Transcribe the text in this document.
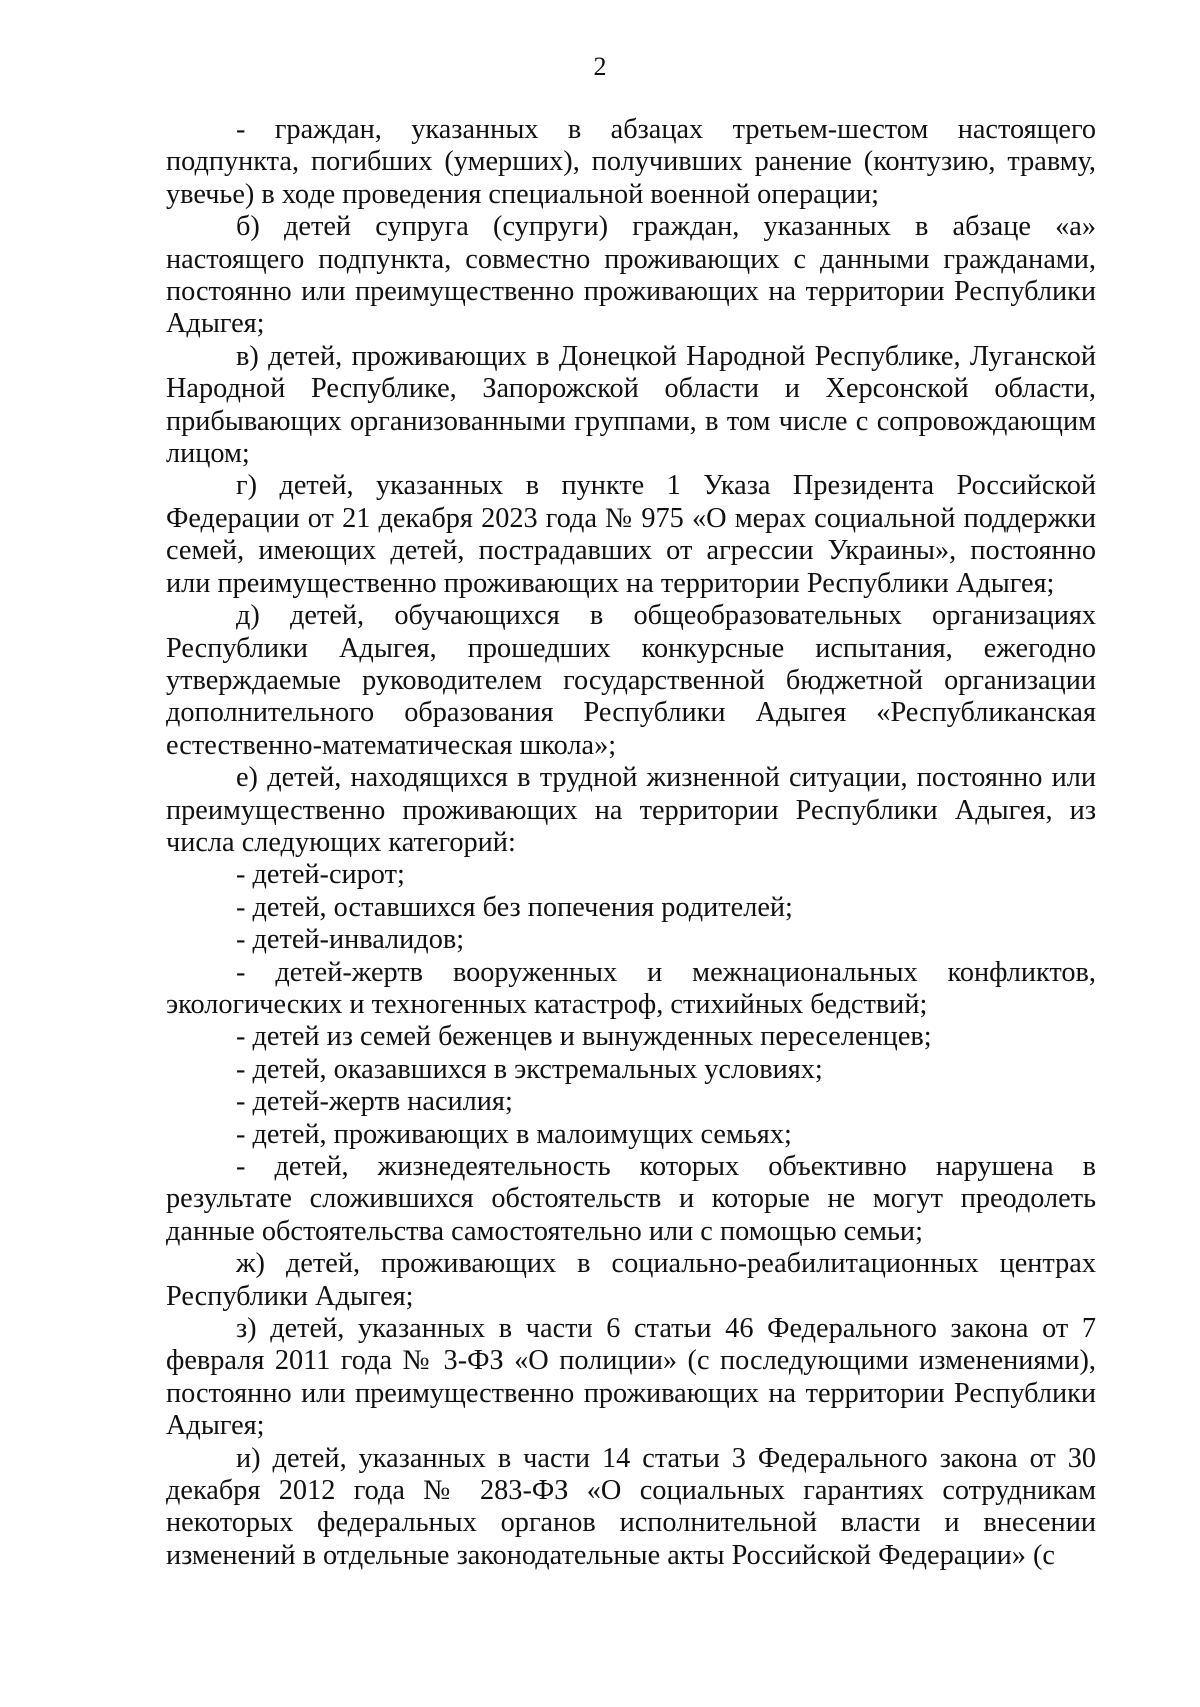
2

- граждан, указанных в абзацах третьем-шестом настоящего подпункта, погибших (умерших), получивших ранение (контузию, травму, увечье) в ходе проведения специальной военной операции;

б) детей супруга (супруги) граждан, указанных в абзаце «а» настоящего подпункта, совместно проживающих с данными гражданами, постоянно или преимущественно проживающих на территории Республики Адыгея;

в) детей, проживающих в Донецкой Народной Республике, Луганской Народной Республике, Запорожской области и Херсонской области, прибывающих организованными группами, в том числе с сопровождающим лицом;

г) детей, указанных в пункте 1 Указа Президента Российской Федерации от 21 декабря 2023 года № 975 «О мерах социальной поддержки семей, имеющих детей, пострадавших от агрессии Украины», постоянно или преимущественно проживающих на территории Республики Адыгея;

д) детей, обучающихся в общеобразовательных организациях Республики Адыгея, прошедших конкурсные испытания, ежегодно утверждаемые руководителем государственной бюджетной организации дополнительного образования Республики Адыгея «Республиканская естественно-математическая школа»;

е) детей, находящихся в трудной жизненной ситуации, постоянно или преимущественно проживающих на территории Республики Адыгея, из числа следующих категорий:

- детей-сирот;

- детей, оставшихся без попечения родителей;

- детей-инвалидов;

- детей-жертв вооруженных и межнациональных конфликтов, экологических и техногенных катастроф, стихийных бедствий;

- детей из семей беженцев и вынужденных переселенцев;

- детей, оказавшихся в экстремальных условиях;

- детей-жертв насилия;

- детей, проживающих в малоимущих семьях;

- детей, жизнедеятельность которых объективно нарушена в результате сложившихся обстоятельств и которые не могут преодолеть данные обстоятельства самостоятельно или с помощью семьи;

ж) детей, проживающих в социально-реабилитационных центрах Республики Адыгея;

з) детей, указанных в части 6 статьи 46 Федерального закона от 7 февраля 2011 года № 3-ФЗ «О полиции» (с последующими изменениями), постоянно или преимущественно проживающих на территории Республики Адыгея;

и) детей, указанных в части 14 статьи 3 Федерального закона от 30 декабря 2012 года № 283-ФЗ «О социальных гарантиях сотрудникам некоторых федеральных органов исполнительной власти и внесении изменений в отдельные законодательные акты Российской Федерации» (с
